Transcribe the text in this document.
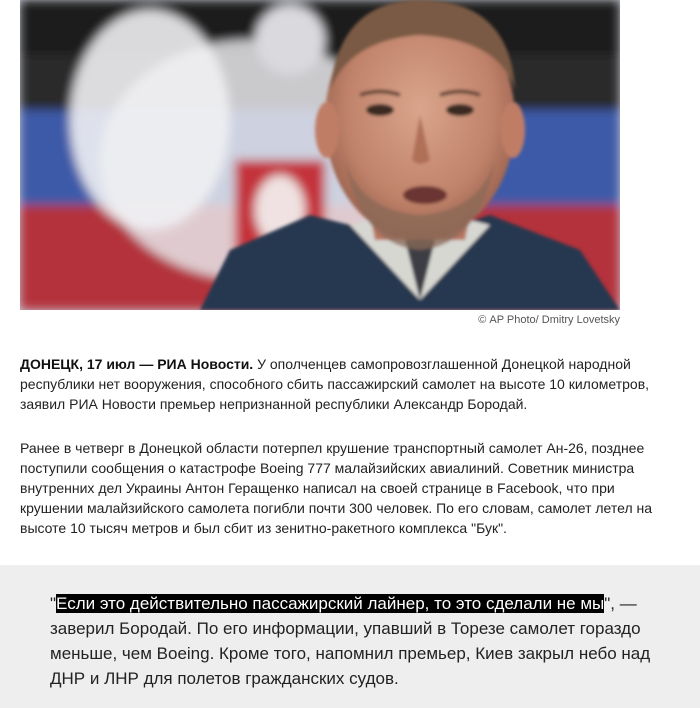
© AP Photo/ Dmitry Lovetsky

ДОНЕЦК, 17 июл — РИА Новости. У ополченцев самопровозглашенной Донецкой народной республики нет вооружения, способного сбить пассажирский самолет на высоте 10 километров, заявил РИА Новости премьер непризнанной республики Александр Бородай.

Ранее в четверг в Донецкой области потерпел крушение транспортный самолет Ан-26, позднее поступили сообщения о катастрофе Boeing 777 малайзийских авиалиний. Советник министра внутренних дел Украины Антон Геращенко написал на своей странице в Facebook, что при крушении малайзийского самолета погибли почти 300 человек. По его словам, самолет летел на высоте 10 тысяч метров и был сбит из зенитно-ракетного комплекса "Бук".

"Если это действительно пассажирский лайнер, то это сделали не мы", — заверил Бородай. По его информации, упавший в Торезе самолет гораздо меньше, чем Boeing. Кроме того, напомнил премьер, Киев закрыл небо над ДНР и ЛНР для полетов гражданских судов.
